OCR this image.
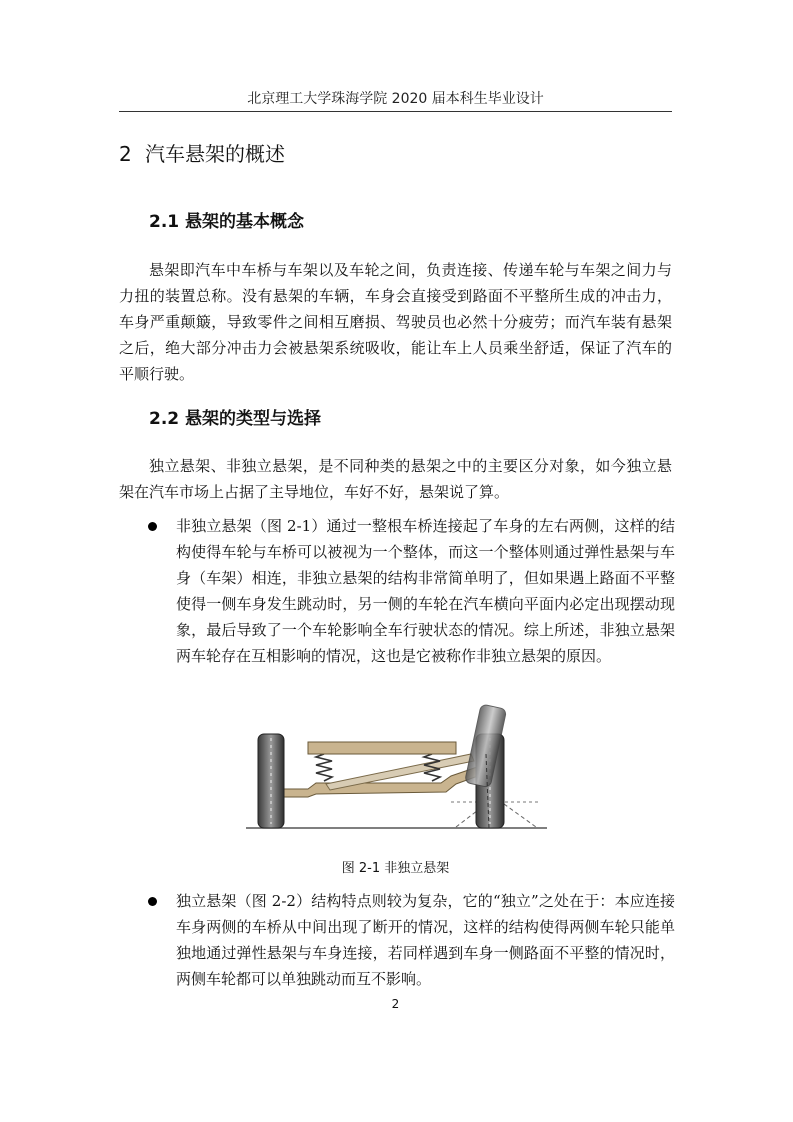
北京理工大学珠海学院 2020 届本科生毕业设计
2 汽车悬架的概述
2.1 悬架的基本概念

悬架即汽车中车桥与车架以及车轮之间，负责连接、传递车轮与车架之间力与力扭的装置总称。没有悬架的车辆，车身会直接受到路面不平整所生成的冲击力，车身严重颠簸，导致零件之间相互磨损、驾驶员也必然十分疲劳；而汽车装有悬架之后，绝大部分冲击力会被悬架系统吸收，能让车上人员乘坐舒适，保证了汽车的平顺行驶。

2.2 悬架的类型与选择

独立悬架、非独立悬架，是不同种类的悬架之中的主要区分对象，如今独立悬架在汽车市场上占据了主导地位，车好不好，悬架说了算。

非独立悬架（图 2-1）通过一整根车桥连接起了车身的左右两侧，这样的结构使得车轮与车桥可以被视为一个整体，而这一个整体则通过弹性悬架与车身（车架）相连，非独立悬架的结构非常简单明了，但如果遇上路面不平整使得一侧车身发生跳动时，另一侧的车轮在汽车横向平面内必定出现摆动现象，最后导致了一个车轮影响全车行驶状态的情况。综上所述，非独立悬架两车轮存在互相影响的情况，这也是它被称作非独立悬架的原因。

图 2-1 非独立悬架

独立悬架（图 2-2）结构特点则较为复杂，它的“独立”之处在于：本应连接车身两侧的车桥从中间出现了断开的情况，这样的结构使得两侧车轮只能单独地通过弹性悬架与车身连接，若同样遇到车身一侧路面不平整的情况时，两侧车轮都可以单独跳动而互不影响。

2
